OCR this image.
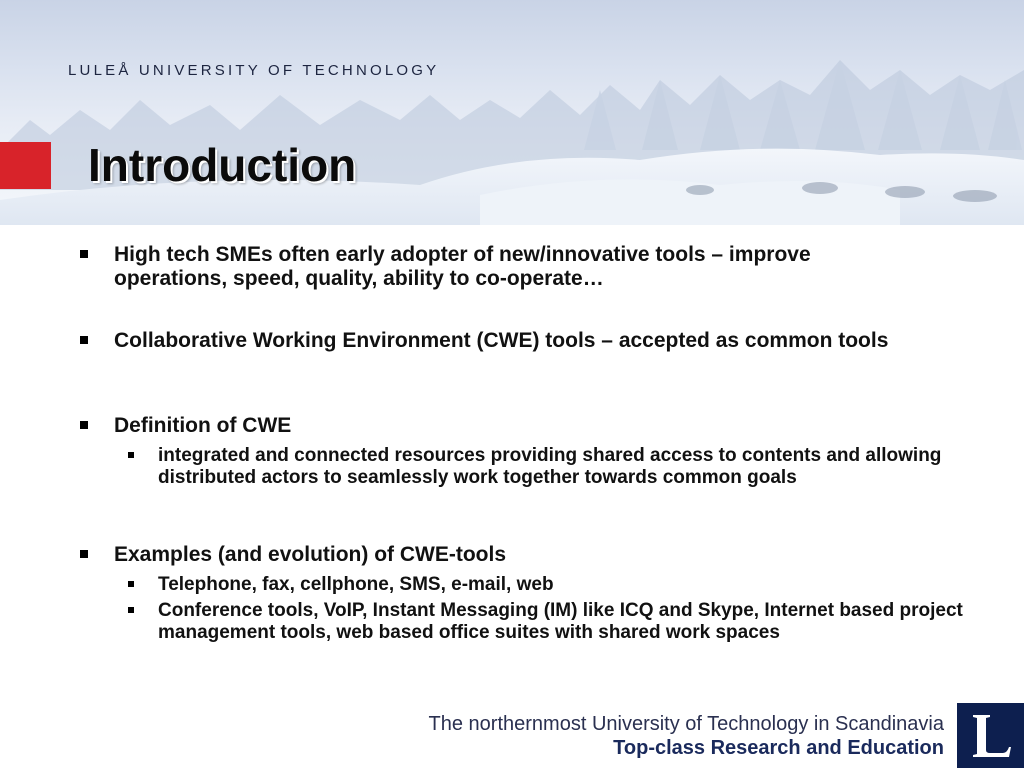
LULEÅ UNIVERSITY OF TECHNOLOGY

Introduction
High tech SMEs often early adopter of new/innovative tools – improve operations, speed, quality, ability to co-operate…
Collaborative Working Environment (CWE) tools – accepted as common tools
Definition of CWE
integrated and connected resources providing shared access to contents and allowing distributed actors to seamlessly work together towards common goals
Examples (and evolution) of CWE-tools
Telephone, fax, cellphone, SMS, e-mail, web
Conference tools, VoIP, Instant Messaging (IM) like ICQ and Skype, Internet based project management tools, web based office suites with shared work spaces

The northernmost University of Technology in Scandinavia

Top-class Research and Education
